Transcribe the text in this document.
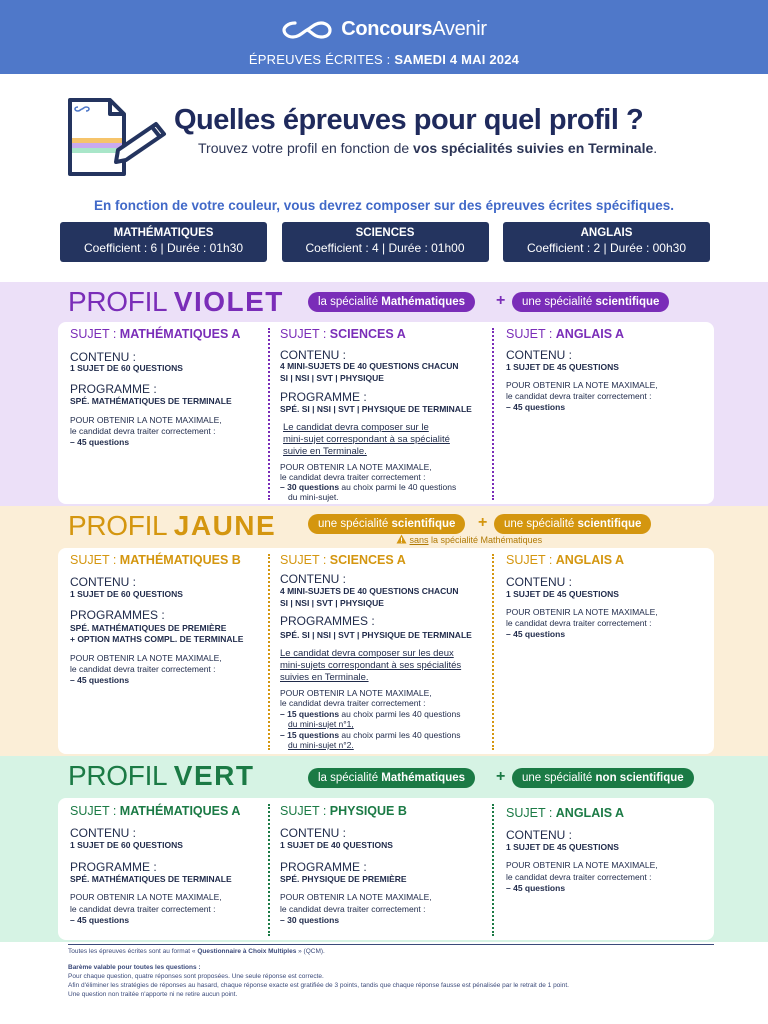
ConcoursAvenir
ÉPREUVES ÉCRITES : SAMEDI 4 MAI 2024
Quelles épreuves pour quel profil ?
Trouvez votre profil en fonction de vos spécialités suivies en Terminale.
En fonction de votre couleur, vous devrez composer sur des épreuves écrites spécifiques.
MATHÉMATIQUES
Coefficient : 6 | Durée : 01h30
SCIENCES
Coefficient : 4 | Durée : 01h00
ANGLAIS
Coefficient : 2 | Durée : 00h30
PROFIL VIOLET	la spécialité Mathématiques	+	une spécialité scientifique
SUJET : MATHÉMATIQUES A
CONTENU :
1 SUJET DE 60 QUESTIONS
PROGRAMME :
SPÉ. MATHÉMATIQUES DE TERMINALE
POUR OBTENIR LA NOTE MAXIMALE,
le candidat devra traiter correctement :
– 45 questions
SUJET : SCIENCES A
CONTENU :
4 MINI-SUJETS DE 40 QUESTIONS CHACUN
SI | NSI | SVT | PHYSIQUE
PROGRAMME :
SPÉ. SI | NSI | SVT | PHYSIQUE DE TERMINALE
Le candidat devra composer sur le
mini-sujet correspondant à sa spécialité
suivie en Terminale.
POUR OBTENIR LA NOTE MAXIMALE,
le candidat devra traiter correctement :
– 30 questions au choix parmi le 40 questions
du mini-sujet.
SUJET : ANGLAIS A
CONTENU :
1 SUJET DE 45 QUESTIONS
POUR OBTENIR LA NOTE MAXIMALE,
le candidat devra traiter correctement :
– 45 questions
PROFIL JAUNE	une spécialité scientifique	+	une spécialité scientifique
sans la spécialité Mathématiques
SUJET : MATHÉMATIQUES B
CONTENU :
1 SUJET DE 60 QUESTIONS
PROGRAMMES :
SPÉ. MATHÉMATIQUES DE PREMIÈRE
+ OPTION MATHS COMPL. DE TERMINALE
POUR OBTENIR LA NOTE MAXIMALE,
le candidat devra traiter correctement :
– 45 questions
SUJET : SCIENCES A
CONTENU :
4 MINI-SUJETS DE 40 QUESTIONS CHACUN
SI | NSI | SVT | PHYSIQUE
PROGRAMMES :
SPÉ. SI | NSI | SVT | PHYSIQUE DE TERMINALE
Le candidat devra composer sur les deux
mini-sujets correspondant à ses spécialités
suivies en Terminale.
POUR OBTENIR LA NOTE MAXIMALE,
le candidat devra traiter correctement :
– 15 questions au choix parmi les 40 questions
du mini-sujet n°1,
– 15 questions au choix parmi les 40 questions
du mini-sujet n°2.
SUJET : ANGLAIS A
CONTENU :
1 SUJET DE 45 QUESTIONS
POUR OBTENIR LA NOTE MAXIMALE,
le candidat devra traiter correctement :
– 45 questions
PROFIL VERT	la spécialité Mathématiques	+	une spécialité non scientifique
SUJET : MATHÉMATIQUES A
CONTENU :
1 SUJET DE 60 QUESTIONS
PROGRAMME :
SPÉ. MATHÉMATIQUES DE TERMINALE
POUR OBTENIR LA NOTE MAXIMALE,
le candidat devra traiter correctement :
– 45 questions
SUJET : PHYSIQUE B
CONTENU :
1 SUJET DE 40 QUESTIONS
PROGRAMME :
SPÉ. PHYSIQUE DE PREMIÈRE
POUR OBTENIR LA NOTE MAXIMALE,
le candidat devra traiter correctement :
– 30 questions
SUJET : ANGLAIS A
CONTENU :
1 SUJET DE 45 QUESTIONS
POUR OBTENIR LA NOTE MAXIMALE,
le candidat devra traiter correctement :
– 45 questions
Toutes les épreuves écrites sont au format « Questionnaire à Choix Multiples » (QCM).
Barème valable pour toutes les questions :
Pour chaque question, quatre réponses sont proposées. Une seule réponse est correcte.
Afin d'éliminer les stratégies de réponses au hasard, chaque réponse exacte est gratifiée de 3 points, tandis que chaque réponse fausse est pénalisée par le retrait de 1 point.
Une question non traitée n'apporte ni ne retire aucun point.
